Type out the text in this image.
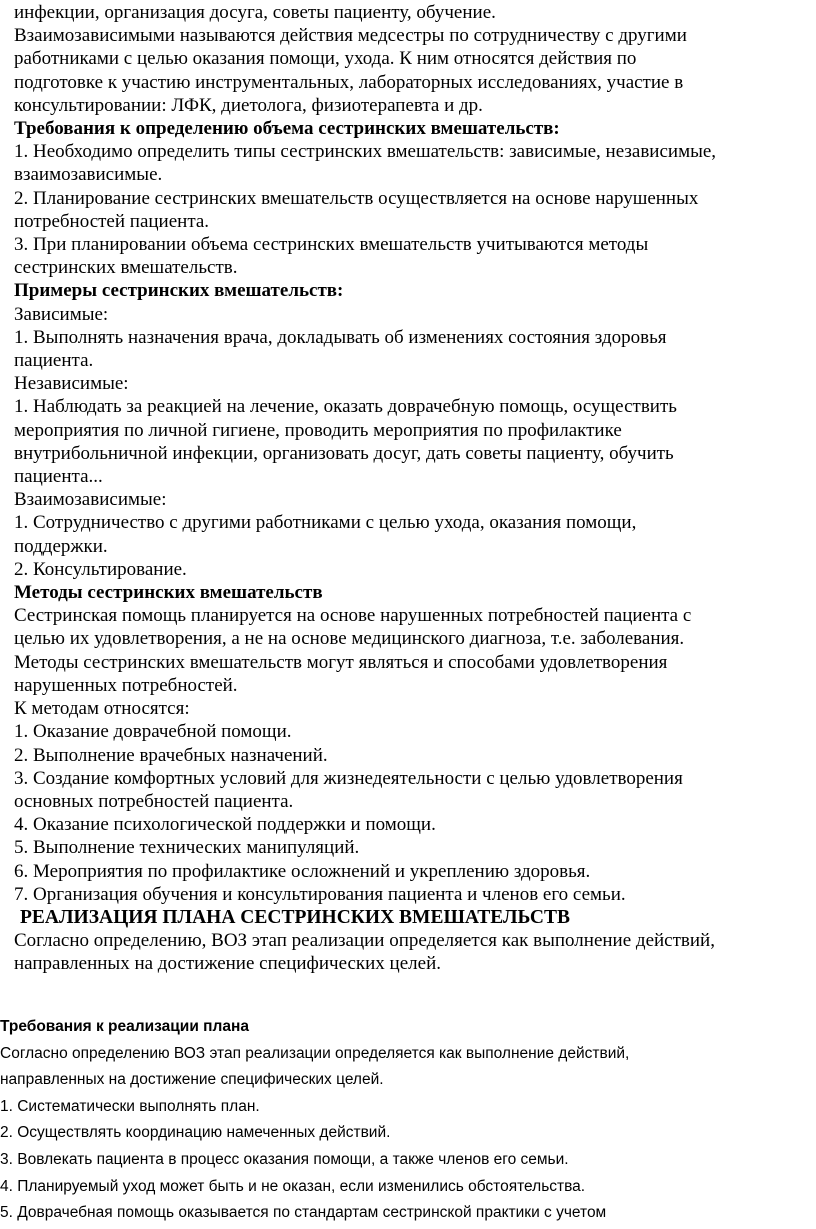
инфекции, организация досуга, советы пациенту, обучение.
Взаимозависимыми называются действия медсестры по сотрудничеству с другими
работниками с целью оказания помощи, ухода. К ним относятся действия по
подготовке к участию инструментальных, лабораторных исследованиях, участие в
консультировании: ЛФК, диетолога, физиотерапевта и др.
Требования к определению объема сестринских вмешательств:
1. Необходимо определить типы сестринских вмешательств: зависимые, независимые,
взаимозависимые.
2. Планирование сестринских вмешательств осуществляется на основе нарушенных
потребностей пациента.
3. При планировании объема сестринских вмешательств учитываются методы
сестринских вмешательств.
Примеры сестринских вмешательств:
Зависимые:
1. Выполнять назначения врача, докладывать об изменениях состояния здоровья
пациента.
Независимые:
1. Наблюдать за реакцией на лечение, оказать доврачебную помощь, осуществить
мероприятия по личной гигиене, проводить мероприятия по профилактике
внутрибольничной инфекции, организовать досуг, дать советы пациенту, обучить
пациента...
Взаимозависимые:
1. Сотрудничество с другими работниками с целью ухода, оказания помощи,
поддержки.
2. Консультирование.
Методы сестринских вмешательств
Сестринская помощь планируется на основе нарушенных потребностей пациента с
целью их удовлетворения, а не на основе медицинского диагноза, т.е. заболевания.
Методы сестринских вмешательств могут являться и способами удовлетворения
нарушенных потребностей.
К методам относятся:
1. Оказание доврачебной помощи.
2. Выполнение врачебных назначений.
3. Создание комфортных условий для жизнедеятельности с целью удовлетворения
основных потребностей пациента.
4. Оказание психологической поддержки и помощи.
5. Выполнение технических манипуляций.
6. Мероприятия по профилактике осложнений и укреплению здоровья.
7. Организация обучения и консультирования пациента и членов его семьи.
РЕАЛИЗАЦИЯ ПЛАНА СЕСТРИНСКИХ ВМЕШАТЕЛЬСТВ
Согласно определению, ВОЗ этап реализации определяется как выполнение действий,
направленных на достижение специфических целей.
Требования к реализации плана
Согласно определению ВОЗ этап реализации определяется как выполнение действий,
направленных на достижение специфических целей.
1. Систематически выполнять план.
2. Осуществлять координацию намеченных действий.
3. Вовлекать пациента в процесс оказания помощи, а также членов его семьи.
4. Планируемый уход может быть и не оказан, если изменились обстоятельства.
5. Доврачебная помощь оказывается по стандартам сестринской практики с учетом
